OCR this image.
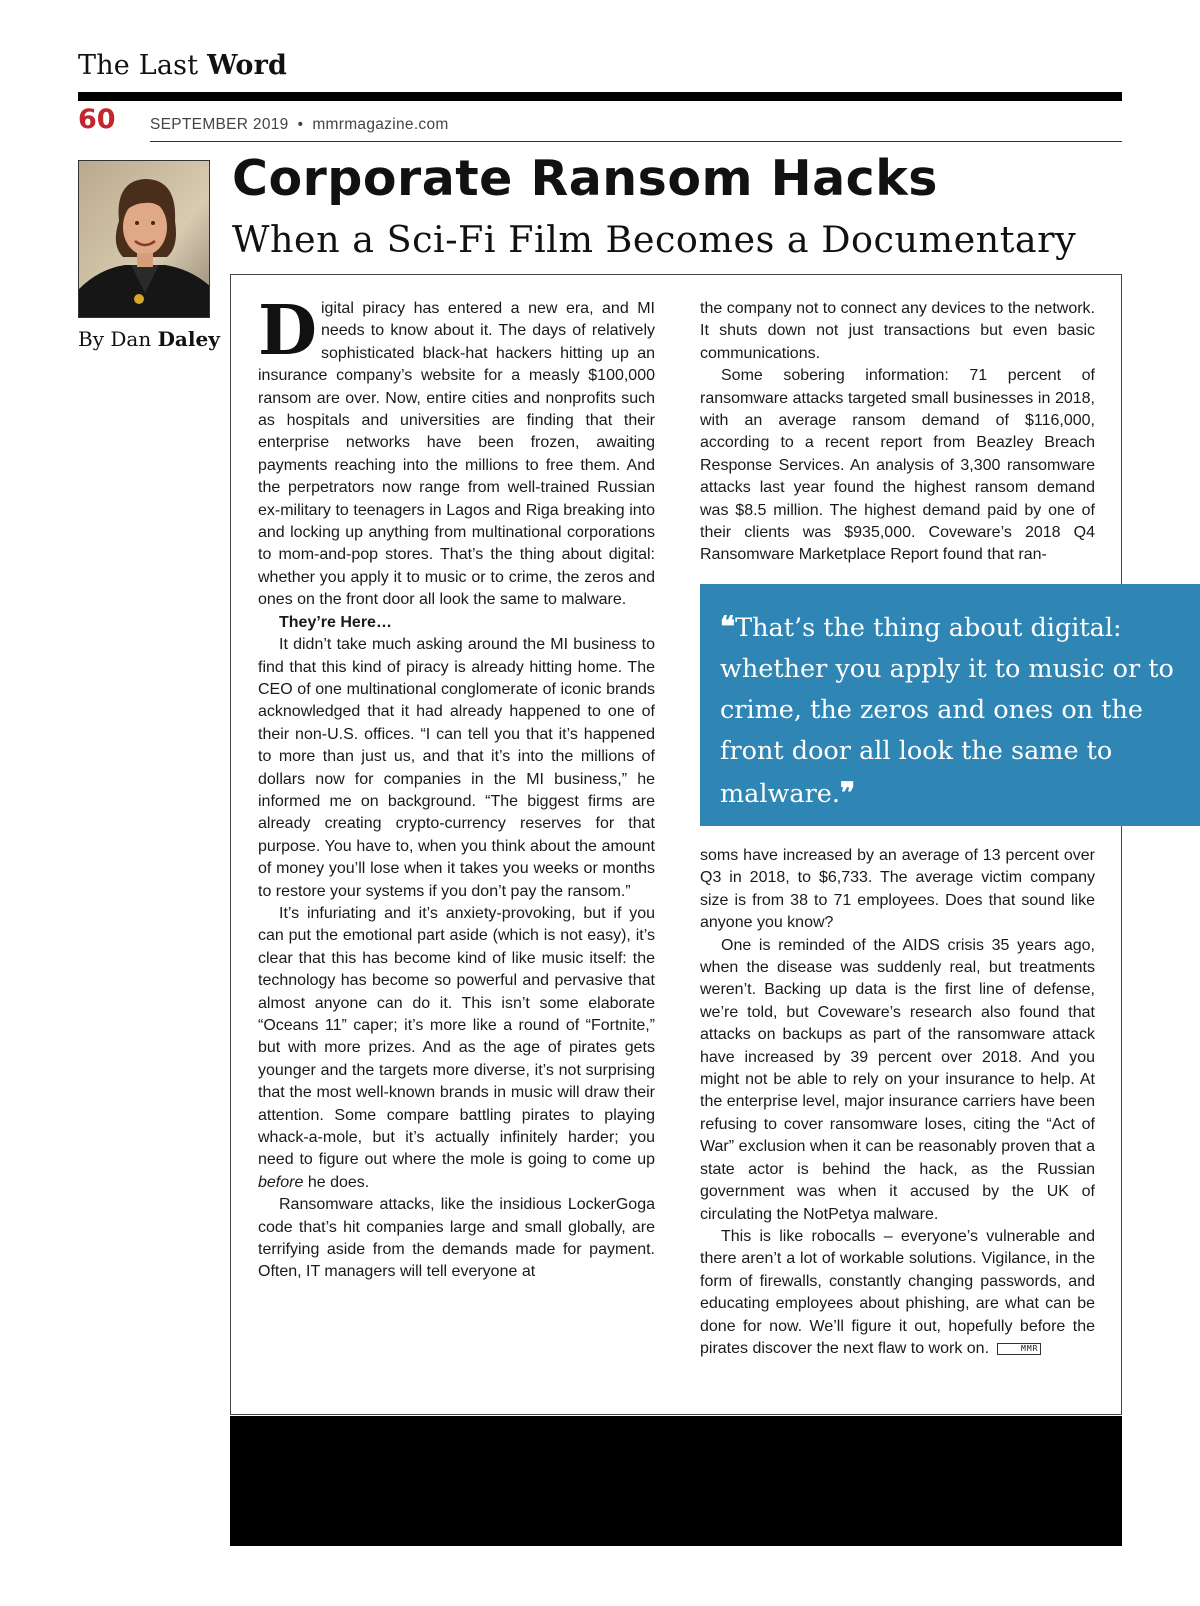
The Last Word
60 SEPTEMBER 2019 • mmrmagazine.com
By Dan Daley
Corporate Ransom Hacks
When a Sci-Fi Film Becomes a Documentary

Digital piracy has entered a new era, and MI needs to know about it. The days of relatively sophisticated black-hat hackers hitting up an insurance company’s website for a measly $100,000 ransom are over. Now, entire cities and nonprofits such as hospitals and universities are finding that their enterprise networks have been frozen, awaiting payments reaching into the millions to free them. And the perpetrators now range from well-trained Russian ex-military to teenagers in Lagos and Riga breaking into and locking up anything from multinational corporations to mom-and-pop stores. That’s the thing about digital: whether you apply it to music or to crime, the zeros and ones on the front door all look the same to malware.

They’re Here…

It didn’t take much asking around the MI business to find that this kind of piracy is already hitting home. The CEO of one multinational conglomerate of iconic brands acknowledged that it had already happened to one of their non-U.S. offices. “I can tell you that it’s happened to more than just us, and that it’s into the millions of dollars now for companies in the MI business,” he informed me on background. “The biggest firms are already creating crypto-currency reserves for that purpose. You have to, when you think about the amount of money you’ll lose when it takes you weeks or months to restore your systems if you don’t pay the ransom.”

It’s infuriating and it’s anxiety-provoking, but if you can put the emotional part aside (which is not easy), it’s clear that this has become kind of like music itself: the technology has become so powerful and pervasive that almost anyone can do it. This isn’t some elaborate “Oceans 11” caper; it’s more like a round of “Fortnite,” but with more prizes. And as the age of pirates gets younger and the targets more diverse, it’s not surprising that the most well-known brands in music will draw their attention. Some compare battling pirates to playing whack-a-mole, but it’s actually infinitely harder; you need to figure out where the mole is going to come up before he does.

Ransomware attacks, like the insidious LockerGoga code that’s hit companies large and small globally, are terrifying aside from the demands made for payment. Often, IT managers will tell everyone at

the company not to connect any devices to the network. It shuts down not just transactions but even basic communications.

Some sobering information: 71 percent of ransomware attacks targeted small businesses in 2018, with an average ransom demand of $116,000, according to a recent report from Beazley Breach Response Services. An analysis of 3,300 ransomware attacks last year found the highest ransom demand was $8.5 million. The highest demand paid by one of their clients was $935,000. Coveware’s 2018 Q4 Ransomware Marketplace Report found that ran-

❝That’s the thing about digital: whether you apply it to music or to crime, the zeros and ones on the front door all look the same to malware.❞

soms have increased by an average of 13 percent over Q3 in 2018, to $6,733. The average victim company size is from 38 to 71 employees. Does that sound like anyone you know?

One is reminded of the AIDS crisis 35 years ago, when the disease was suddenly real, but treatments weren’t. Backing up data is the first line of defense, we’re told, but Coveware’s research also found that attacks on backups as part of the ransomware attack have increased by 39 percent over 2018. And you might not be able to rely on your insurance to help. At the enterprise level, major insurance carriers have been refusing to cover ransomware loses, citing the “Act of War” exclusion when it can be reasonably proven that a state actor is behind the hack, as the Russian government was when it accused by the UK of circulating the NotPetya malware.

This is like robocalls – everyone’s vulnerable and there aren’t a lot of workable solutions. Vigilance, in the form of firewalls, constantly changing passwords, and educating employees about phishing, are what can be done for now. We’ll figure it out, hopefully before the pirates discover the next flaw to work on.	MMR
